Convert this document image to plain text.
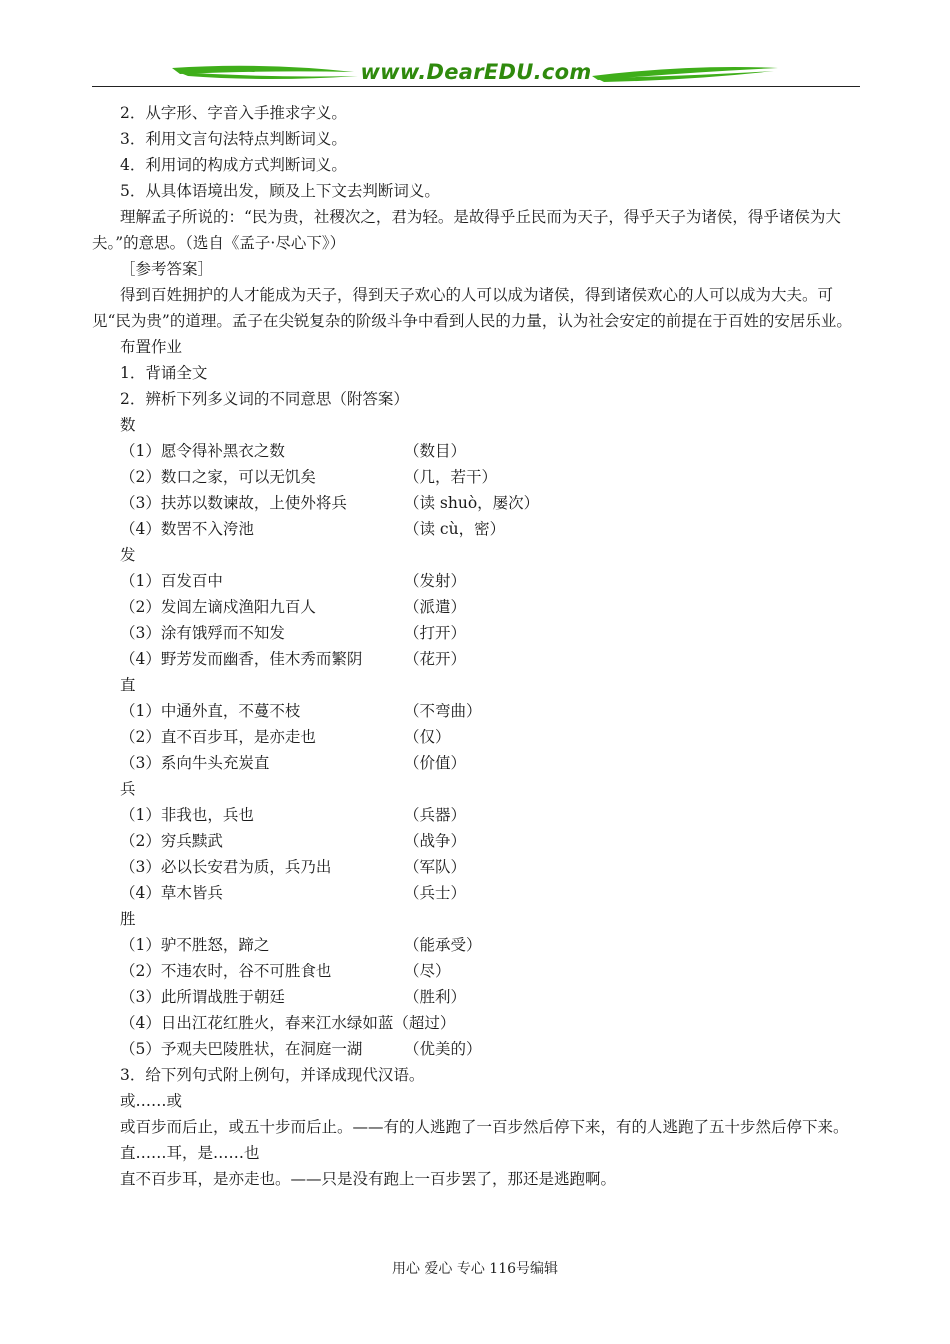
www.DearEDU.com

2．从字形、字音入手推求字义。

3．利用文言句法特点判断词义。

4．利用词的构成方式判断词义。

5．从具体语境出发，顾及上下文去判断词义。

理解孟子所说的：“民为贵，社稷次之，君为轻。是故得乎丘民而为天子，得乎天子为诸侯，得乎诸侯为大夫。”的意思。（选自《孟子·尽心下》）

［参考答案］

得到百姓拥护的人才能成为天子，得到天子欢心的人可以成为诸侯，得到诸侯欢心的人可以成为大夫。可见“民为贵”的道理。孟子在尖锐复杂的阶级斗争中看到人民的力量，认为社会安定的前提在于百姓的安居乐业。

布置作业

1．背诵全文

2．辨析下列多义词的不同意思（附答案）

数

（1）愿令得补黑衣之数	（数目）
（2）数口之家，可以无饥矣	（几，若干）
（3）扶苏以数谏故，上使外将兵	（读 shuò，屡次）
（4）数罟不入洿池	（读 cù，密）

发

（1）百发百中	（发射）
（2）发闾左谪戍渔阳九百人	（派遣）
（3）涂有饿殍而不知发	（打开）
（4）野芳发而幽香，佳木秀而繁阴	（花开）

直

（1）中通外直，不蔓不枝	（不弯曲）
（2）直不百步耳，是亦走也	（仅）
（3）系向牛头充炭直	（价值）

兵

（1）非我也，兵也	（兵器）
（2）穷兵黩武	（战争）
（3）必以长安君为质，兵乃出	（军队）
（4）草木皆兵	（兵士）

胜

（1）驴不胜怒，蹄之	（能承受）
（2）不违农时，谷不可胜食也	（尽）
（3）此所谓战胜于朝廷	（胜利）
（4）日出江花红胜火，春来江水绿如蓝 （超过）
（5）予观夫巴陵胜状，在洞庭一湖	（优美的）

3．给下列句式附上例句，并译成现代汉语。

或……或

或百步而后止，或五十步而后止。——有的人逃跑了一百步然后停下来，有的人逃跑了五十步然后停下来。

直……耳，是……也

直不百步耳，是亦走也。——只是没有跑上一百步罢了，那还是逃跑啊。

用心 爱心 专心 116号编辑
